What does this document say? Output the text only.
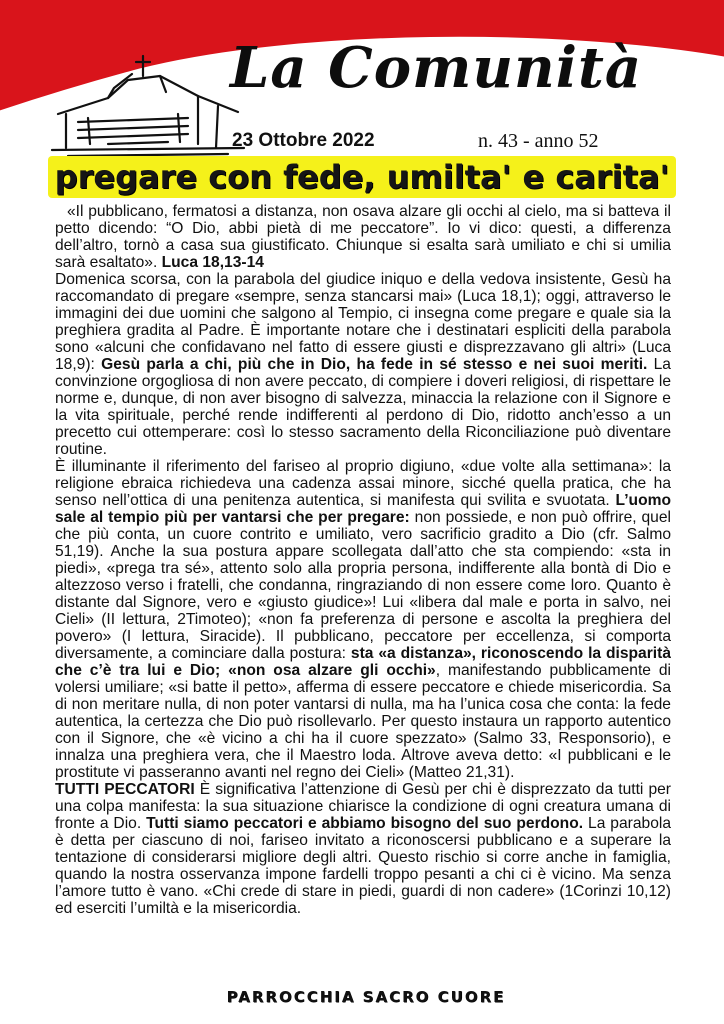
La Comunità
23 Ottobre 2022	n. 43 - anno 52
pregare con fede, umilta' e carita'

«Il pubblicano, fermatosi a distanza, non osava alzare gli occhi al cielo, ma si batteva il petto dicendo: “O Dio, abbi pietà di me peccatore”. Io vi dico: questi, a differenza dell’altro, tornò a casa sua giustificato. Chiunque si esalta sarà umiliato e chi si umilia sarà esaltato». Luca 18,13-14

Domenica scorsa, con la parabola del giudice iniquo e della vedova insistente, Gesù ha raccomandato di pregare «sempre, senza stancarsi mai» (Luca 18,1); oggi, attraverso le immagini dei due uomini che salgono al Tempio, ci insegna come pregare e quale sia la preghiera gradita al Padre. È importante notare che i destinatari espliciti della parabola sono «alcuni che confidavano nel fatto di essere giusti e disprezzavano gli altri» (Luca 18,9): Gesù parla a chi, più che in Dio, ha fede in sé stesso e nei suoi meriti. La convinzione orgogliosa di non avere peccato, di compiere i doveri religiosi, di rispettare le norme e, dunque, di non aver bisogno di salvezza, minaccia la relazione con il Signore e la vita spirituale, perché rende indifferenti al perdono di Dio, ridotto anch’esso a un precetto cui ottemperare: così lo stesso sacramento della Riconciliazione può diventare routine.

È illuminante il riferimento del fariseo al proprio digiuno, «due volte alla settimana»: la religione ebraica richiedeva una cadenza assai minore, sicché quella pratica, che ha senso nell’ottica di una penitenza autentica, si manifesta qui svilita e svuotata. L’uomo sale al tempio più per vantarsi che per pregare: non possiede, e non può offrire, quel che più conta, un cuore contrito e umiliato, vero sacrificio gradito a Dio (cfr. Salmo 51,19). Anche la sua postura appare scollegata dall’atto che sta compiendo: «sta in piedi», «prega tra sé», attento solo alla propria persona, indifferente alla bontà di Dio e altezzoso verso i fratelli, che condanna, ringraziando di non essere come loro. Quanto è distante dal Signore, vero e «giusto giudice»! Lui «libera dal male e porta in salvo, nei Cieli» (II lettura, 2Timoteo); «non fa preferenza di persone e ascolta la preghiera del povero» (I lettura, Siracide). Il pubblicano, peccatore per eccellenza, si comporta diversamente, a cominciare dalla postura: sta «a distanza», riconoscendo la disparità che c’è tra lui e Dio; «non osa alzare gli occhi», manifestando pubblicamente di volersi umiliare; «si batte il petto», afferma di essere peccatore e chiede misericordia. Sa di non meritare nulla, di non poter vantarsi di nulla, ma ha l’unica cosa che conta: la fede autentica, la certezza che Dio può risollevarlo. Per questo instaura un rapporto autentico con il Signore, che «è vicino a chi ha il cuore spezzato» (Salmo 33, Responsorio), e innalza una preghiera vera, che il Maestro loda. Altrove aveva detto: «I pubblicani e le prostitute vi passeranno avanti nel regno dei Cieli» (Matteo 21,31).

TUTTI PECCATORI È significativa l’attenzione di Gesù per chi è disprezzato da tutti per una colpa manifesta: la sua situazione chiarisce la condizione di ogni creatura umana di fronte a Dio. Tutti siamo peccatori e abbiamo bisogno del suo perdono. La parabola è detta per ciascuno di noi, fariseo invitato a riconoscersi pubblicano e a superare la tentazione di considerarsi migliore degli altri. Questo rischio si corre anche in famiglia, quando la nostra osservanza impone fardelli troppo pesanti a chi ci è vicino. Ma senza l’amore tutto è vano. «Chi crede di stare in piedi, guardi di non cadere» (1Corinzi 10,12) ed eserciti l’umiltà e la misericordia.

PARROCCHIA SACRO CUORE
